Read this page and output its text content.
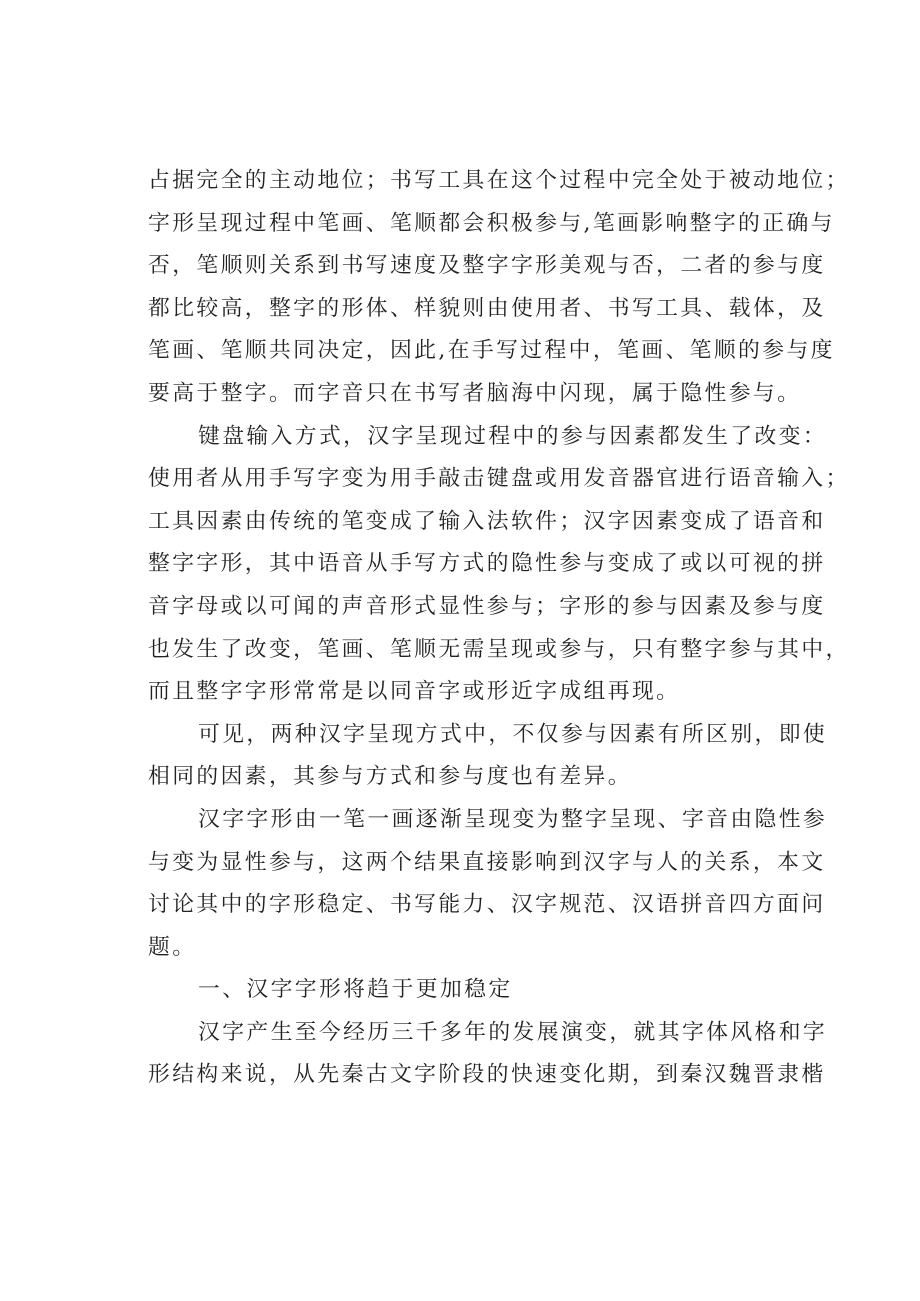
占据完全的主动地位；书写工具在这个过程中完全处于被动地位；
字形呈现过程中笔画、笔顺都会积极参与,笔画影响整字的正确与
否，笔顺则关系到书写速度及整字字形美观与否，二者的参与度
都比较高，整字的形体、样貌则由使用者、书写工具、载体，及
笔画、笔顺共同决定，因此,在手写过程中，笔画、笔顺的参与度
要高于整字。而字音只在书写者脑海中闪现，属于隐性参与。
键盘输入方式，汉字呈现过程中的参与因素都发生了改变：
使用者从用手写字变为用手敲击键盘或用发音器官进行语音输入；
工具因素由传统的笔变成了输入法软件；汉字因素变成了语音和
整字字形，其中语音从手写方式的隐性参与变成了或以可视的拼
音字母或以可闻的声音形式显性参与；字形的参与因素及参与度
也发生了改变，笔画、笔顺无需呈现或参与，只有整字参与其中，
而且整字字形常常是以同音字或形近字成组再现。
可见，两种汉字呈现方式中，不仅参与因素有所区别，即使
相同的因素，其参与方式和参与度也有差异。
汉字字形由一笔一画逐渐呈现变为整字呈现、字音由隐性参
与变为显性参与，这两个结果直接影响到汉字与人的关系，本文
讨论其中的字形稳定、书写能力、汉字规范、汉语拼音四方面问
题。
一、汉字字形将趋于更加稳定
汉字产生至今经历三千多年的发展演变，就其字体风格和字
形结构来说，从先秦古文字阶段的快速变化期，到秦汉魏晋隶楷
